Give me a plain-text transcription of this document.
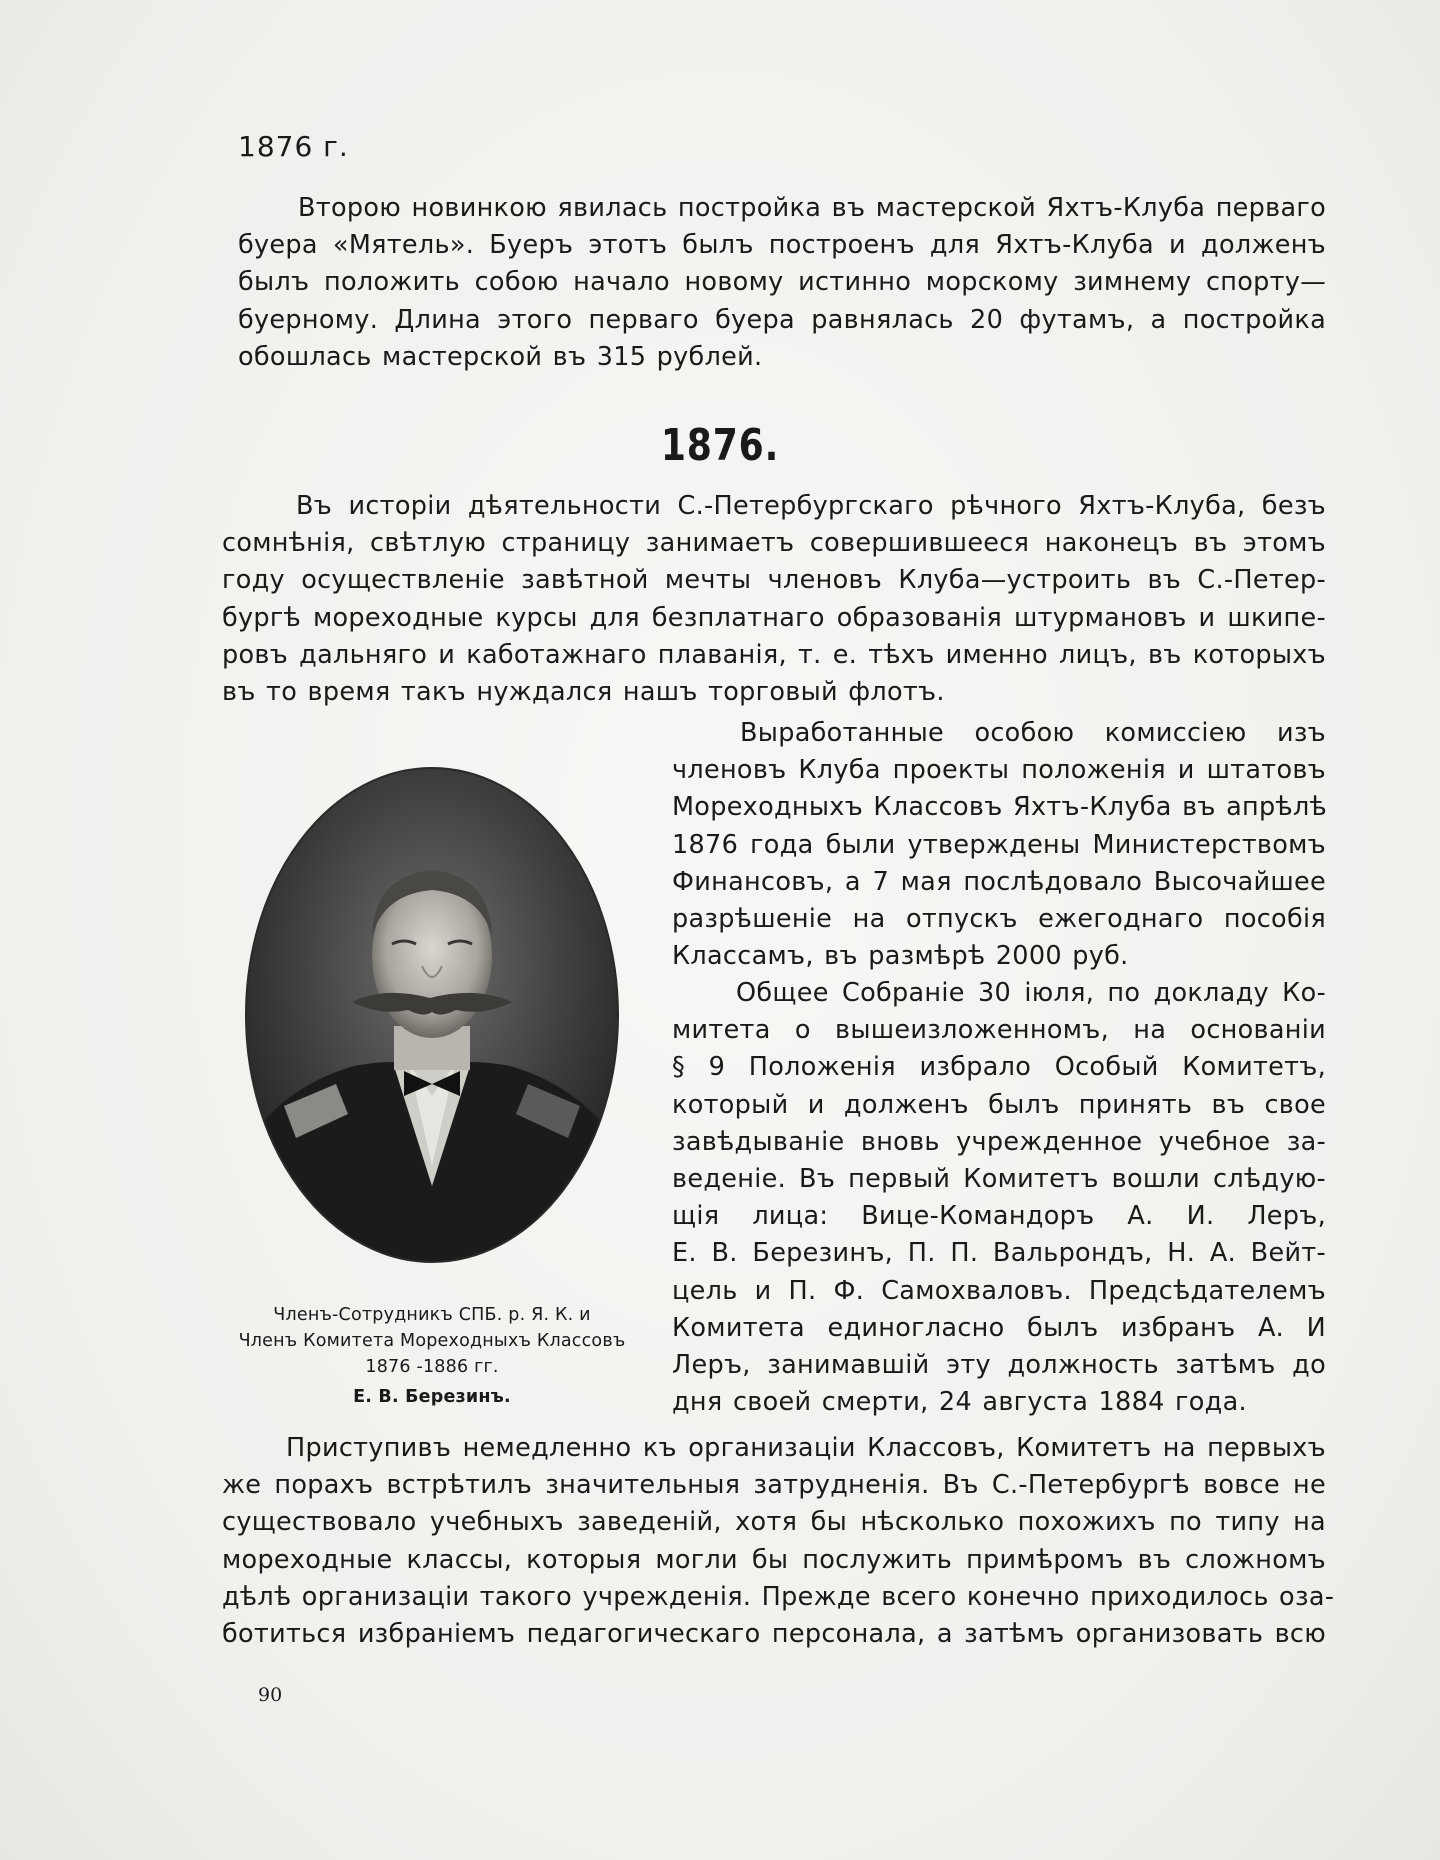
1876 г.
Второю новинкою явилась постройка въ мастерской Яхтъ-Клуба перваго
буера «Мятель». Буеръ этотъ былъ построенъ для Яхтъ-Клуба и долженъ
былъ положить собою начало новому истинно морскому зимнему спорту—
буерному. Длина этого перваго буера равнялась 20 футамъ, а постройка
обошлась мастерской въ 315 рублей.
1876.
Въ исторіи дѣятельности С.-Петербургскаго рѣчного Яхтъ-Клуба, безъ
сомнѣнія, свѣтлую страницу занимаетъ совершившееся наконецъ въ этомъ
году осуществленіе завѣтной мечты членовъ Клуба—устроить въ С.-Петер-
бургѣ мореходные курсы для безплатнаго образованія штурмановъ и шкипе-
ровъ дальняго и каботажнаго плаванія, т. е. тѣхъ именно лицъ, въ которыхъ
въ то время такъ нуждался нашъ торговый флотъ.
Выработанные особою комиссіею изъ
членовъ Клуба проекты положенія и штатовъ
Мореходныхъ Классовъ Яхтъ-Клуба въ апрѣлѣ
1876 года были утверждены Министерствомъ
Финансовъ, а 7 мая послѣдовало Высочайшее
разрѣшеніе на отпускъ ежегоднаго пособія
Классамъ, въ размѣрѣ 2000 руб.
Общее Собраніе 30 іюля, по докладу Ко-
митета о вышеизложенномъ, на основаніи
§ 9 Положенія избрало Особый Комитетъ,
который и долженъ былъ принять въ свое
завѣдываніе вновь учрежденное учебное за-
веденіе. Въ первый Комитетъ вошли слѣдую-
щія лица: Вице-Командоръ А. И. Леръ,
Е. В. Березинъ, П. П. Вальрондъ, Н. А. Вейт-
цель и П. Ф. Самохваловъ. Предсѣдателемъ
Комитета единогласно былъ избранъ А. И
Леръ, занимавшій эту должность затѣмъ до
дня своей смерти, 24 августа 1884 года.
Членъ-Сотрудникъ СПБ. р. Я. К. и
Членъ Комитета Мореходныхъ Классовъ
1876 -1886 гг.
Е. В. Березинъ.
Приступивъ немедленно къ организаціи Классовъ, Комитетъ на первыхъ
же порахъ встрѣтилъ значительныя затрудненія. Въ С.-Петербургѣ вовсе не
существовало учебныхъ заведеній, хотя бы нѣсколько похожихъ по типу на
мореходные классы, которыя могли бы послужить примѣромъ въ сложномъ
дѣлѣ организаціи такого учрежденія. Прежде всего конечно приходилось оза-
ботиться избраніемъ педагогическаго персонала, а затѣмъ организовать всю
90
